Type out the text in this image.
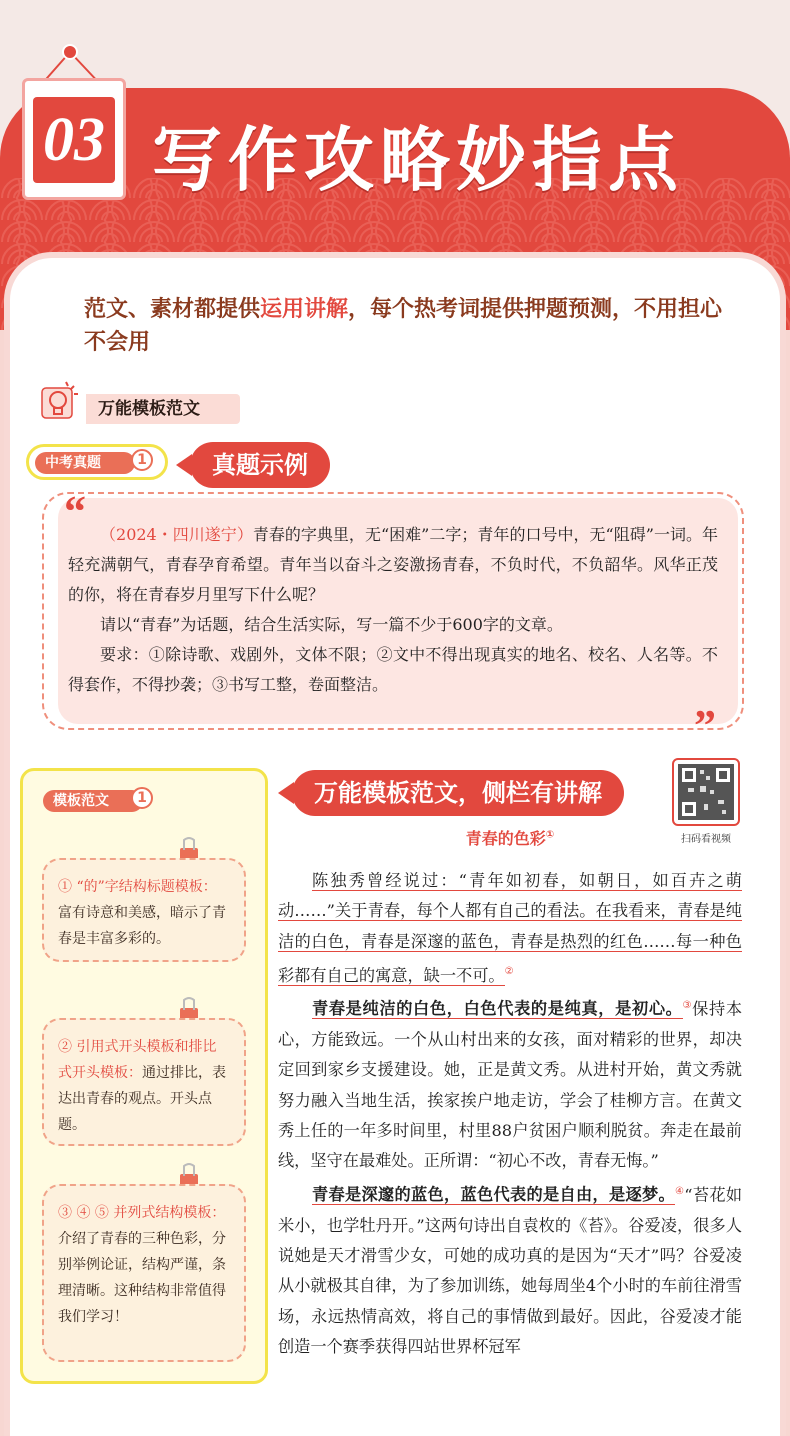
03 写作攻略妙指点
范文、素材都提供运用讲解，每个热考词提供押题预测，不用担心不会用
万能模板范文
中考真题	1	真题示例
“
”

（2024・四川遂宁）青春的字典里，无“困难”二字；青年的口号中，无“阻碍”一词。年轻充满朝气，青春孕育希望。青年当以奋斗之姿激扬青春，不负时代，不负韶华。风华正茂的你，将在青春岁月里写下什么呢？

请以“青春”为话题，结合生活实际，写一篇不少于600字的文章。

要求：①除诗歌、戏剧外，文体不限；②文中不得出现真实的地名、校名、人名等。不得套作，不得抄袭；③书写工整，卷面整洁。

模板范文	1
① “的”字结构标题模板：富有诗意和美感，暗示了青春是丰富多彩的。
② 引用式开头模板和排比式开头模板：通过排比，表达出青春的观点。开头点题。
③ ④ ⑤ 并列式结构模板：介绍了青春的三种色彩，分别举例论证，结构严谨，条理清晰。这种结构非常值得我们学习！
万能模板范文，侧栏有讲解
扫码看视频
青春的色彩①

陈独秀曾经说过：“青年如初春，如朝日，如百卉之萌动……”关于青春，每个人都有自己的看法。在我看来，青春是纯洁的白色，青春是深邃的蓝色，青春是热烈的红色……每一种色彩都有自己的寓意，缺一不可。②

青春是纯洁的白色，白色代表的是纯真，是初心。③保持本心，方能致远。一个从山村出来的女孩，面对精彩的世界，却决定回到家乡支援建设。她，正是黄文秀。从进村开始，黄文秀就努力融入当地生活，挨家挨户地走访，学会了桂柳方言。在黄文秀上任的一年多时间里，村里88户贫困户顺利脱贫。奔走在最前线，坚守在最难处。正所谓：“初心不改，青春无悔。”

青春是深邃的蓝色，蓝色代表的是自由，是逐梦。④“苔花如米小，也学牡丹开。”这两句诗出自袁枚的《苔》。谷爱凌，很多人说她是天才滑雪少女，可她的成功真的是因为“天才”吗？谷爱凌从小就极其自律，为了参加训练，她每周坐4个小时的车前往滑雪场，永远热情高效，将自己的事情做到最好。因此，谷爱凌才能创造一个赛季获得四站世界杯冠军
